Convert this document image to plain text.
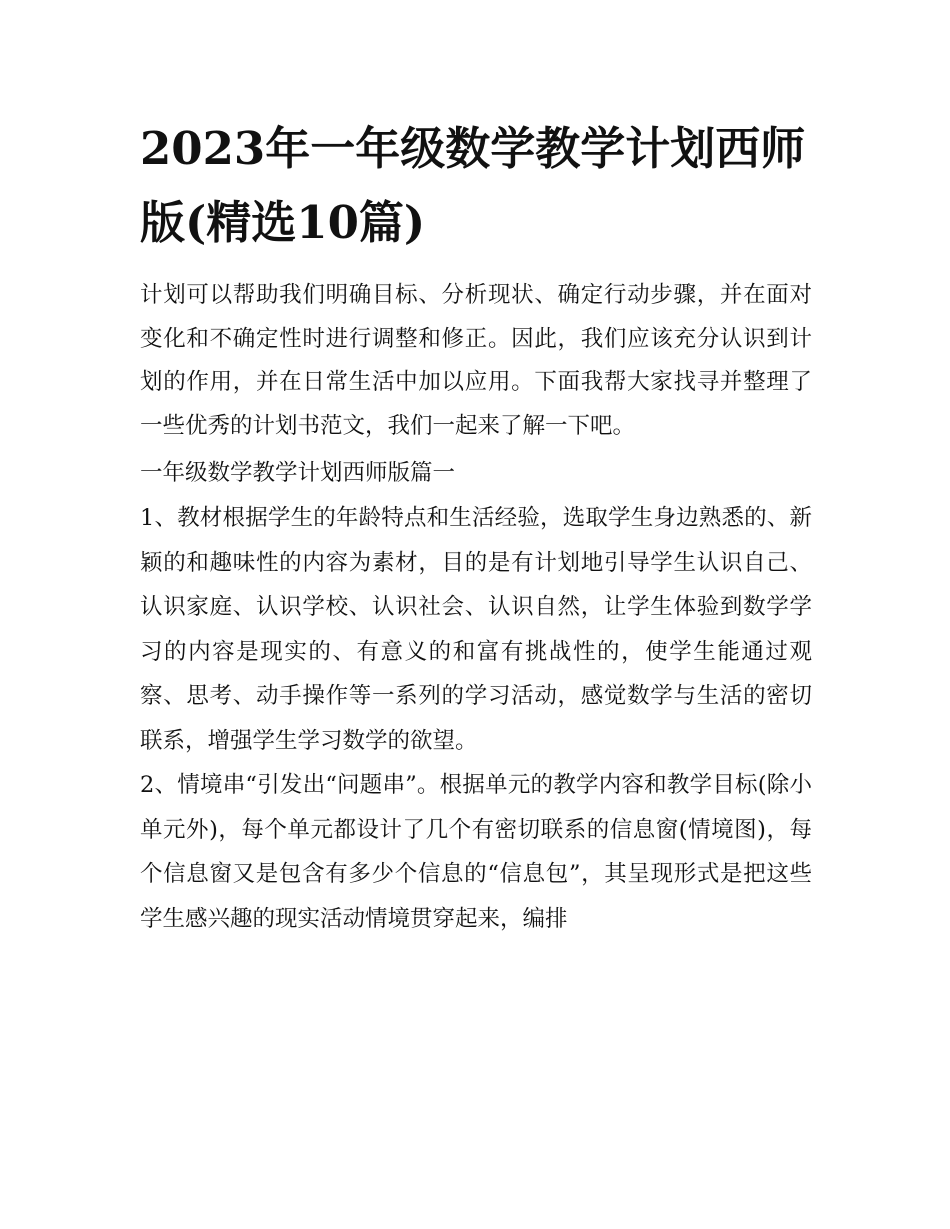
2023年一年级数学教学计划西师版(精选10篇)

计划可以帮助我们明确目标、分析现状、确定行动步骤，并在面对变化和不确定性时进行调整和修正。因此，我们应该充分认识到计划的作用，并在日常生活中加以应用。下面我帮大家找寻并整理了一些优秀的计划书范文，我们一起来了解一下吧。

一年级数学教学计划西师版篇一

1、教材根据学生的年龄特点和生活经验，选取学生身边熟悉的、新颖的和趣味性的内容为素材，目的是有计划地引导学生认识自己、认识家庭、认识学校、认识社会、认识自然，让学生体验到数学学习的内容是现实的、有意义的和富有挑战性的，使学生能通过观察、思考、动手操作等一系列的学习活动，感觉数学与生活的密切联系，增强学生学习数学的欲望。

2、情境串“引发出“问题串”。根据单元的教学内容和教学目标(除小单元外)，每个单元都设计了几个有密切联系的信息窗(情境图)，每个信息窗又是包含有多少个信息的“信息包”，其呈现形式是把这些学生感兴趣的现实活动情境贯穿起来，编排
